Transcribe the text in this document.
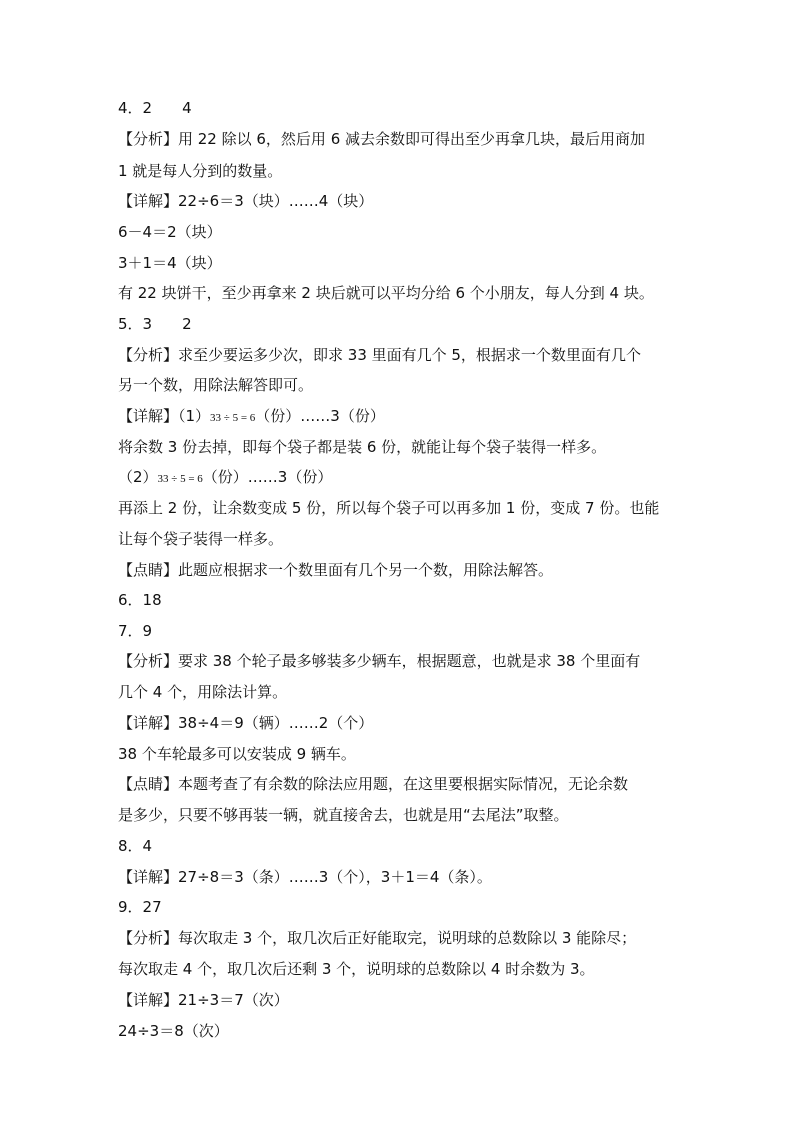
4．2　　4
【分析】用 22 除以 6，然后用 6 减去余数即可得出至少再拿几块，最后用商加
1 就是每人分到的数量。
【详解】22÷6＝3（块）……4（块）
6－4＝2（块）
3＋1＝4（块）
有 22 块饼干，至少再拿来 2 块后就可以平均分给 6 个小朋友，每人分到 4 块。
5．3　　2
【分析】求至少要运多少次，即求 33 里面有几个 5，根据求一个数里面有几个
另一个数，用除法解答即可。
【详解】（1）33 ÷ 5 = 6（份）……3（份）
将余数 3 份去掉，即每个袋子都是装 6 份，就能让每个袋子装得一样多。
（2）33 ÷ 5 = 6（份）……3（份）
再添上 2 份，让余数变成 5 份，所以每个袋子可以再多加 1 份，变成 7 份。也能
让每个袋子装得一样多。
【点睛】此题应根据求一个数里面有几个另一个数，用除法解答。
6．18
7．9
【分析】要求 38 个轮子最多够装多少辆车，根据题意，也就是求 38 个里面有
几个 4 个，用除法计算。
【详解】38÷4＝9（辆）……2（个）
38 个车轮最多可以安装成 9 辆车。
【点睛】本题考查了有余数的除法应用题，在这里要根据实际情况，无论余数
是多少，只要不够再装一辆，就直接舍去，也就是用“去尾法”取整。
8．4
【详解】27÷8＝3（条）……3（个），3＋1＝4（条）。
9．27
【分析】每次取走 3 个，取几次后正好能取完，说明球的总数除以 3 能除尽；
每次取走 4 个，取几次后还剩 3 个，说明球的总数除以 4 时余数为 3。
【详解】21÷3＝7（次）
24÷3＝8（次）
